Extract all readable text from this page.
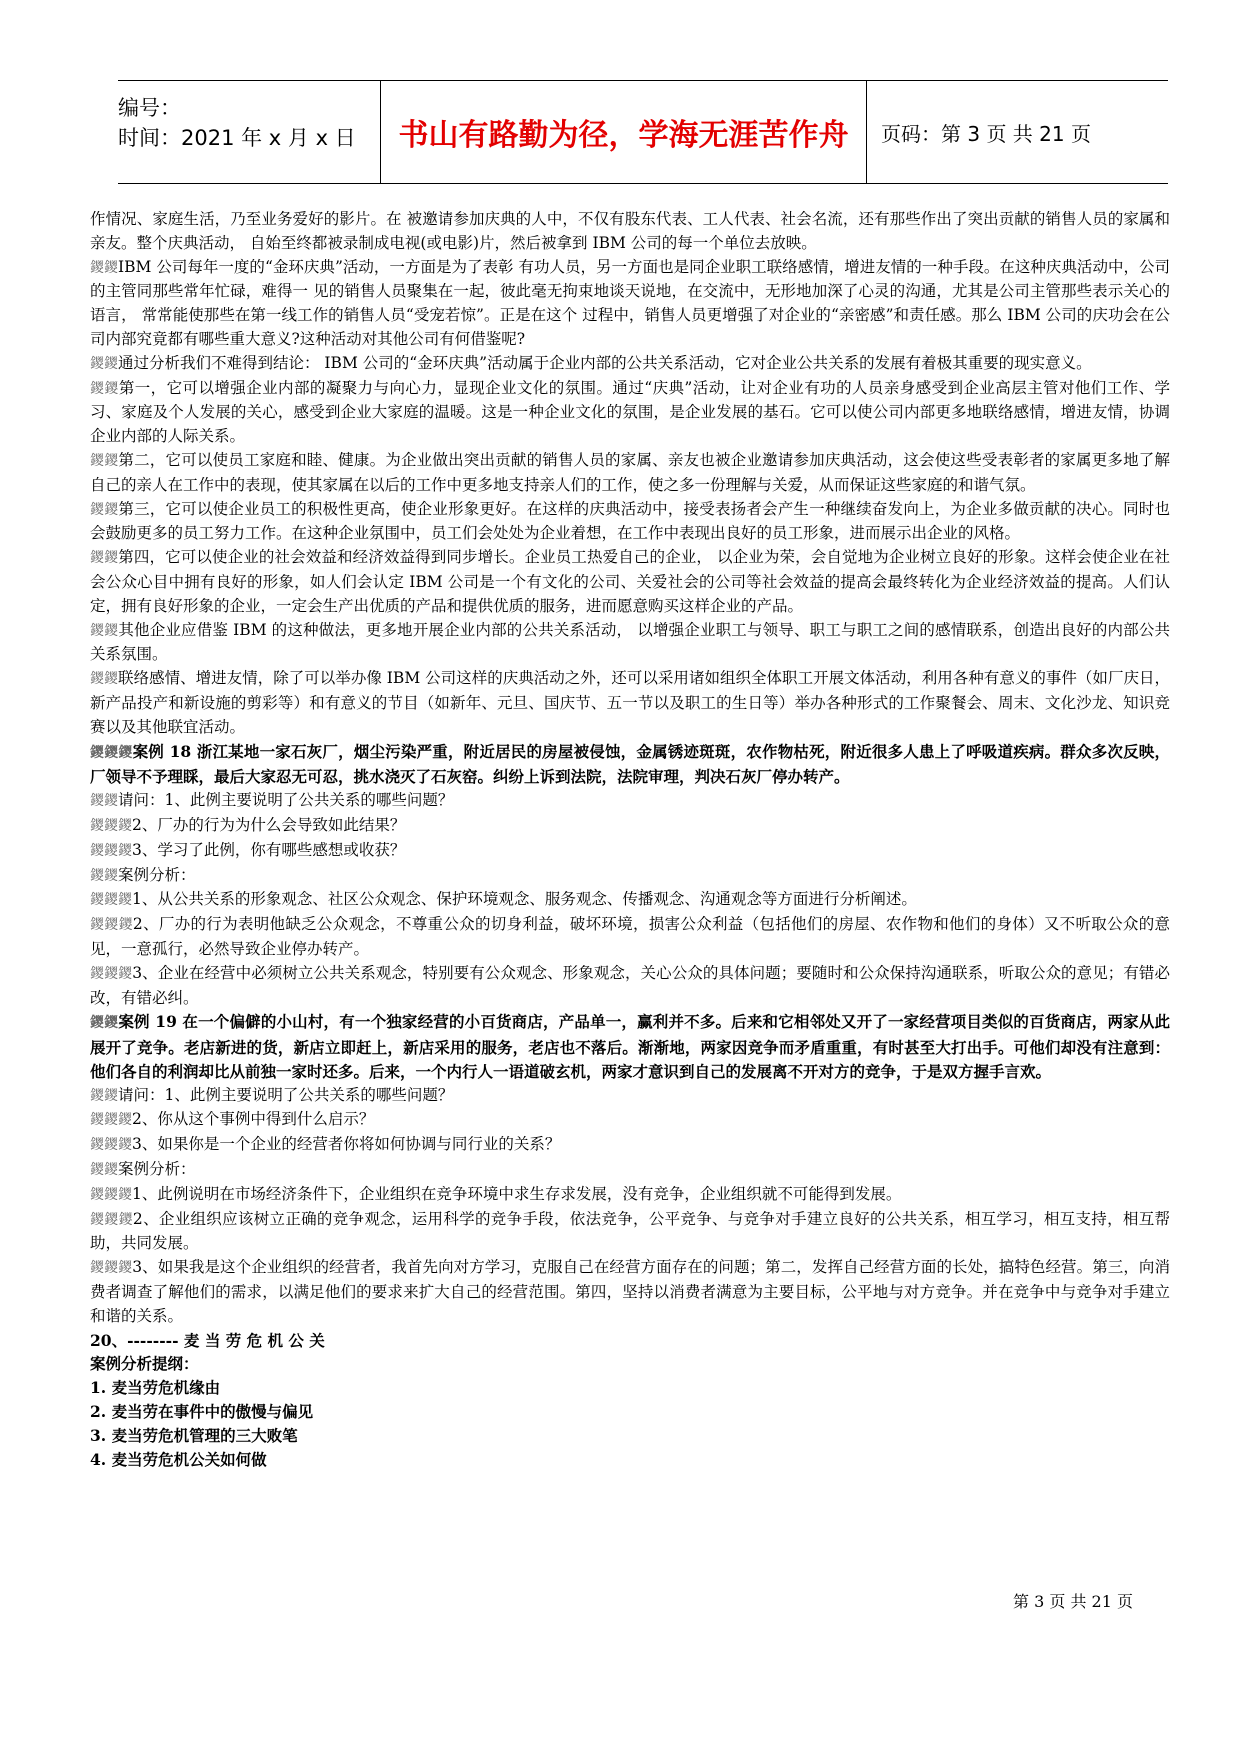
编号：
时间：2021 年 x 月 x 日	书山有路勤为径，学海无涯苦作舟	页码：第 3 页 共 21 页

作情况、家庭生活，乃至业务爱好的影片。在 被邀请参加庆典的人中，不仅有股东代表、工人代表、社会名流，还有那些作出了突出贡献的销售人员的家属和亲友。整个庆典活动， 自始至终都被录制成电视(或电影)片，然后被拿到 IBM 公司的每一个单位去放映。

鑁鑁IBM 公司每年一度的“金环庆典”活动，一方面是为了表彰 有功人员，另一方面也是同企业职工联络感情，增进友情的一种手段。在这种庆典活动中，公司的主管同那些常年忙碌，难得一 见的销售人员聚集在一起，彼此毫无拘束地谈天说地，在交流中，无形地加深了心灵的沟通，尤其是公司主管那些表示关心的语言， 常常能使那些在第一线工作的销售人员“受宠若惊”。正是在这个 过程中，销售人员更增强了对企业的“亲密感”和责任感。那么 IBM 公司的庆功会在公司内部究竟都有哪些重大意义?这种活动对其他公司有何借鉴呢?

鑁鑁通过分析我们不难得到结论： IBM 公司的“金环庆典”活动属于企业内部的公共关系活动，它对企业公共关系的发展有着极其重要的现实意义。

鑁鑁第一，它可以增强企业内部的凝聚力与向心力，显现企业文化的氛围。通过“庆典”活动，让对企业有功的人员亲身感受到企业高层主管对他们工作、学习、家庭及个人发展的关心，感受到企业大家庭的温暖。这是一种企业文化的氛围，是企业发展的基石。它可以使公司内部更多地联络感情，增进友情，协调企业内部的人际关系。

鑁鑁第二，它可以使员工家庭和睦、健康。为企业做出突出贡献的销售人员的家属、亲友也被企业邀请参加庆典活动，这会使这些受表彰者的家属更多地了解自己的亲人在工作中的表现，使其家属在以后的工作中更多地支持亲人们的工作，使之多一份理解与关爱，从而保证这些家庭的和谐气氛。

鑁鑁第三，它可以使企业员工的积极性更高，使企业形象更好。在这样的庆典活动中，接受表扬者会产生一种继续奋发向上，为企业多做贡献的决心。同时也会鼓励更多的员工努力工作。在这种企业氛围中，员工们会处处为企业着想，在工作中表现出良好的员工形象，进而展示出企业的风格。

鑁鑁第四，它可以使企业的社会效益和经济效益得到同步增长。企业员工热爱自己的企业， 以企业为荣，会自觉地为企业树立良好的形象。这样会使企业在社会公众心目中拥有良好的形象，如人们会认定 IBM 公司是一个有文化的公司、关爱社会的公司等社会效益的提高会最终转化为企业经济效益的提高。人们认定，拥有良好形象的企业，一定会生产出优质的产品和提供优质的服务，进而愿意购买这样企业的产品。

鑁鑁其他企业应借鉴 IBM 的这种做法，更多地开展企业内部的公共关系活动， 以增强企业职工与领导、职工与职工之间的感情联系，创造出良好的内部公共关系氛围。

鑁鑁联络感情、增进友情，除了可以举办像 IBM 公司这样的庆典活动之外，还可以采用诸如组织全体职工开展文体活动，利用各种有意义的事件（如厂庆日，新产品投产和新设施的剪彩等）和有意义的节目（如新年、元旦、国庆节、五一节以及职工的生日等）举办各种形式的工作聚餐会、周末、文化沙龙、知识竞赛以及其他联宜活动。

鑁鑁鑁案例 18 浙江某地一家石灰厂，烟尘污染严重，附近居民的房屋被侵蚀，金属锈迹斑斑，农作物枯死，附近很多人患上了呼吸道疾病。群众多次反映，厂领导不予理睬，最后大家忍无可忍，挑水浇灭了石灰窑。纠纷上诉到法院，法院审理，判决石灰厂停办转产。

鑁鑁请问：1、此例主要说明了公共关系的哪些问题？

鑁鑁鑁2、厂办的行为为什么会导致如此结果？

鑁鑁鑁3、学习了此例，你有哪些感想或收获？

鑁鑁案例分析：

鑁鑁鑁1、从公共关系的形象观念、社区公众观念、保护环境观念、服务观念、传播观念、沟通观念等方面进行分析阐述。

鑁鑁鑁2、厂办的行为表明他缺乏公众观念，不尊重公众的切身利益，破坏环境，损害公众利益（包括他们的房屋、农作物和他们的身体）又不听取公众的意见，一意孤行，必然导致企业停办转产。

鑁鑁鑁3、企业在经营中必须树立公共关系观念，特别要有公众观念、形象观念，关心公众的具体问题；要随时和公众保持沟通联系，听取公众的意见；有错必改，有错必纠。

鑁鑁案例 19 在一个偏僻的小山村，有一个独家经营的小百货商店，产品单一，赢利并不多。后来和它相邻处又开了一家经营项目类似的百货商店，两家从此展开了竞争。老店新进的货，新店立即赶上，新店采用的服务，老店也不落后。渐渐地，两家因竞争而矛盾重重，有时甚至大打出手。可他们却没有注意到：他们各自的利润却比从前独一家时还多。后来，一个内行人一语道破玄机，两家才意识到自己的发展离不开对方的竞争，于是双方握手言欢。

鑁鑁请问：1、此例主要说明了公共关系的哪些问题？

鑁鑁鑁2、你从这个事例中得到什么启示？

鑁鑁鑁3、如果你是一个企业的经营者你将如何协调与同行业的关系？

鑁鑁案例分析：

鑁鑁鑁1、此例说明在市场经济条件下，企业组织在竞争环境中求生存求发展，没有竞争，企业组织就不可能得到发展。

鑁鑁鑁2、企业组织应该树立正确的竞争观念，运用科学的竞争手段，依法竞争，公平竞争、与竞争对手建立良好的公共关系，相互学习，相互支持，相互帮助，共同发展。

鑁鑁鑁3、如果我是这个企业组织的经营者，我首先向对方学习，克服自己在经营方面存在的问题；第二，发挥自己经营方面的长处，搞特色经营。第三，向消费者调查了解他们的需求，以满足他们的要求来扩大自己的经营范围。第四，坚持以消费者满意为主要目标，公平地与对方竞争。并在竞争中与竞争对手建立和谐的关系。

20、-------- 麦 当 劳 危 机 公 关

案例分析提纲：

1. 麦当劳危机缘由

2. 麦当劳在事件中的傲慢与偏见

3. 麦当劳危机管理的三大败笔

4. 麦当劳危机公关如何做

第 3 页 共 21 页
